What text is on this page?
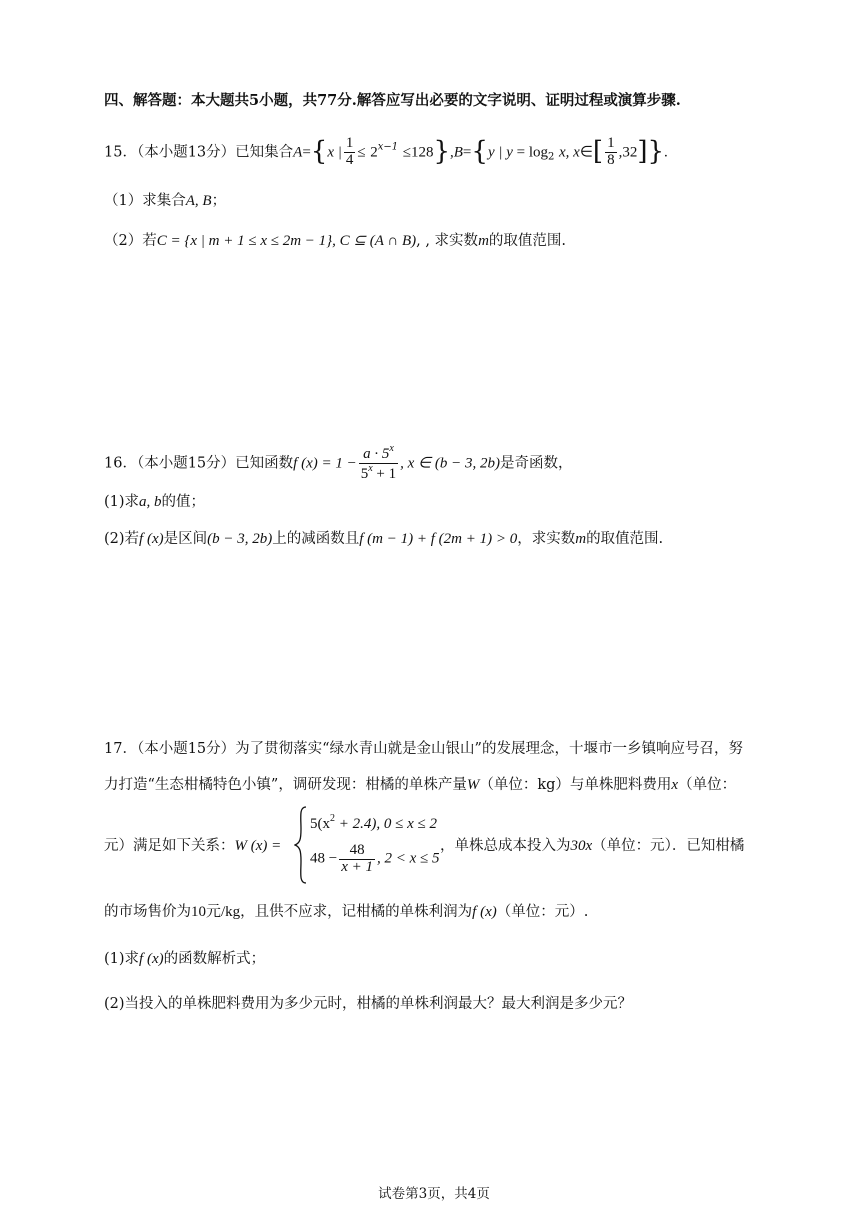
四、解答题：本大题共5小题，共77分.解答应写出必要的文字说明、证明过程或演算步骤.
15．（本小题13分）已知集合A={x | $\frac{1}{4} \le 2^{x-1} \le 128\},B=\{y$ | $y = \log_2 x$, x∈[ $\frac{1}{8} ,32$]}.
（1）求集合A, B；
（2）若C = {x | m + 1 ≤ x ≤ 2m − 1}, C ⊆ (A ∩ B), , 求实数m的取值范围.
16．（本小题15分）已知函数f $(x) = 1 - \frac{a \cdot 5^x}{5^x + 1}$ , x ∈ (b − 3, 2b)是奇函数，
(1)求a, b的值；
(2)若f (x)是区间(b − 3, 2b)上的减函数且f (m − 1) + f (2m + 1) > 0，求实数m的取值范围.
17．（本小题15分）为了贯彻落实“绿水青山就是金山银山”的发展理念，十堰市一乡镇响应号召，努
力打造“生态柑橘特色小镇”，调研发现：柑橘的单株产量W（单位：kg）与单株肥料费用x（单位：
元）满足如下关系：W (x) =
$5(x^2 + 2.4)$, 0 ≤ x ≤ 2
$48 - \frac{48}{x + 1}$ , 2 < x ≤ 5
，单株总成本投入为30x（单位：元）．已知柑橘
的市场售价为10元/kg，且供不应求，记柑橘的单株利润为f (x)（单位：元）.
(1)求f (x)的函数解析式；
(2)当投入的单株肥料费用为多少元时，柑橘的单株利润最大？最大利润是多少元？
试卷第3页，共4页
